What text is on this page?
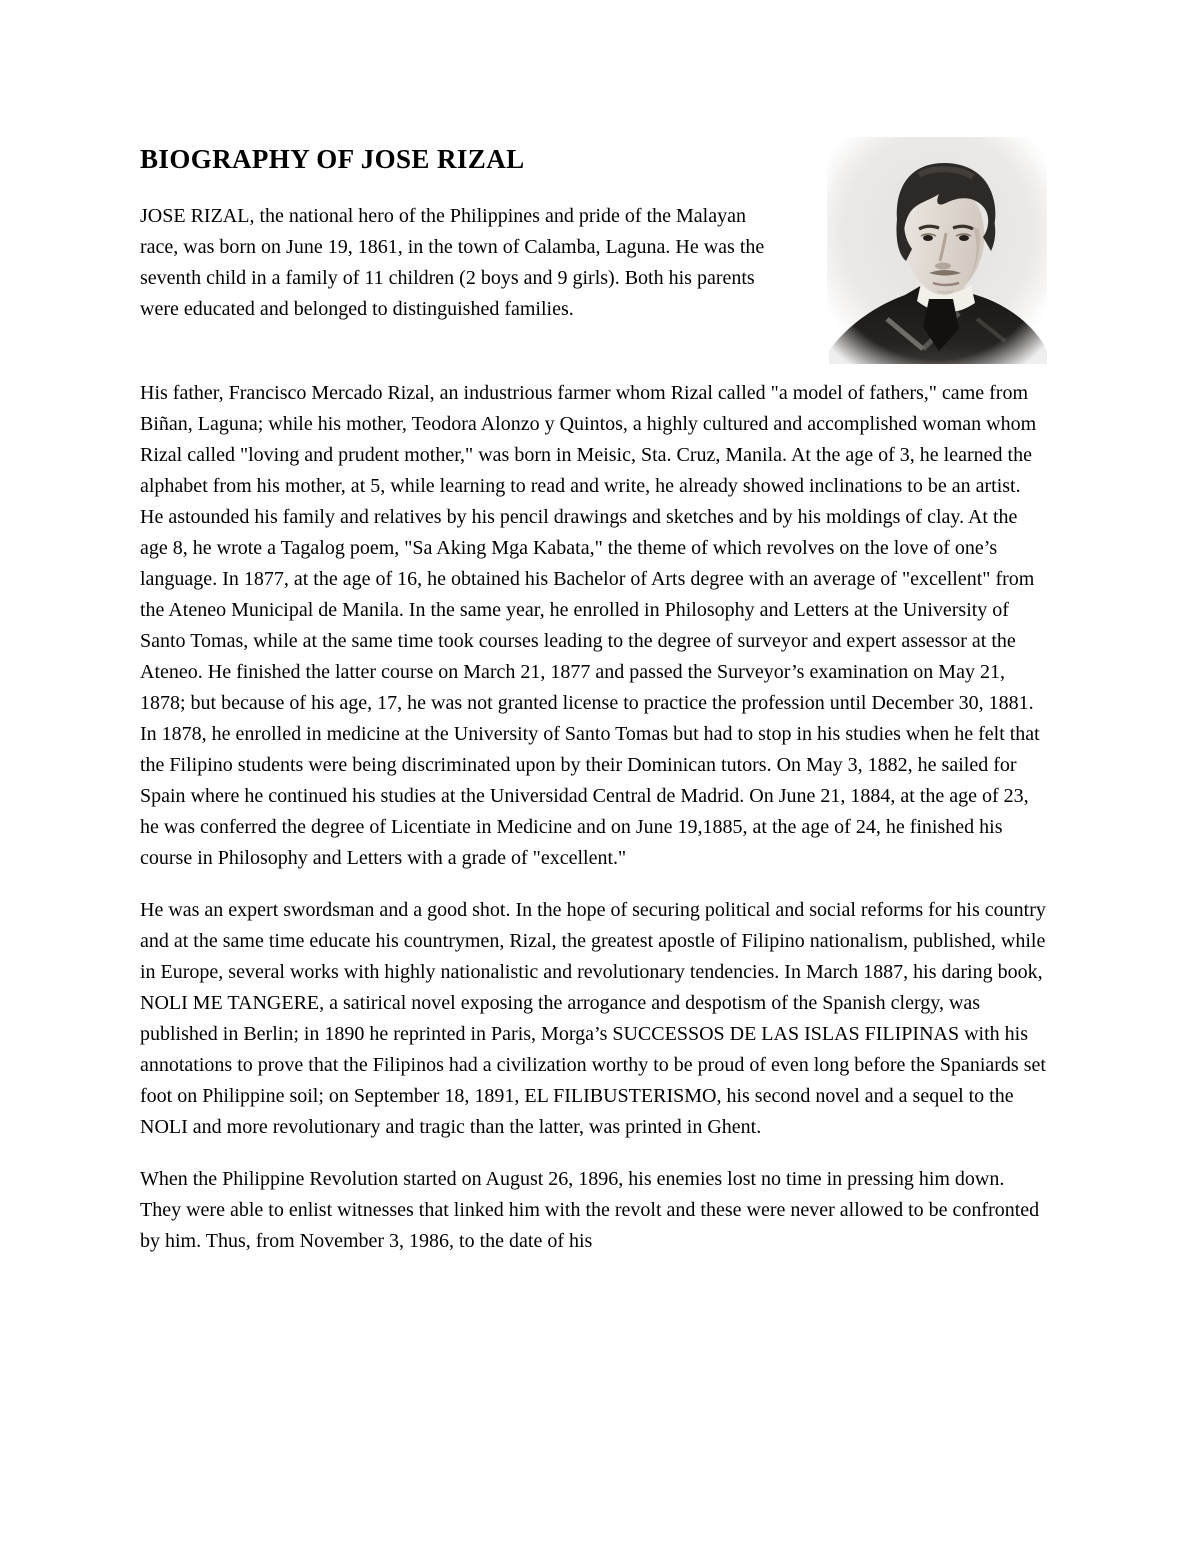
BIOGRAPHY OF JOSE RIZAL

JOSE RIZAL, the national hero of the Philippines and pride of the Malayan race, was born on June 19, 1861, in the town of Calamba, Laguna. He was the seventh child in a family of 11 children (2 boys and 9 girls). Both his parents were educated and belonged to distinguished families.

His father, Francisco Mercado Rizal, an industrious farmer whom Rizal called "a model of fathers," came from Biñan, Laguna; while his mother, Teodora Alonzo y Quintos, a highly cultured and accomplished woman whom Rizal called "loving and prudent mother," was born in Meisic, Sta. Cruz, Manila. At the age of 3, he learned the alphabet from his mother, at 5, while learning to read and write, he already showed inclinations to be an artist. He astounded his family and relatives by his pencil drawings and sketches and by his moldings of clay. At the age 8, he wrote a Tagalog poem, "Sa Aking Mga Kabata," the theme of which revolves on the love of one’s language. In 1877, at the age of 16, he obtained his Bachelor of Arts degree with an average of "excellent" from the Ateneo Municipal de Manila. In the same year, he enrolled in Philosophy and Letters at the University of Santo Tomas, while at the same time took courses leading to the degree of surveyor and expert assessor at the Ateneo. He finished the latter course on March 21, 1877 and passed the Surveyor’s examination on May 21, 1878; but because of his age, 17, he was not granted license to practice the profession until December 30, 1881. In 1878, he enrolled in medicine at the University of Santo Tomas but had to stop in his studies when he felt that the Filipino students were being discriminated upon by their Dominican tutors. On May 3, 1882, he sailed for Spain where he continued his studies at the Universidad Central de Madrid. On June 21, 1884, at the age of 23, he was conferred the degree of Licentiate in Medicine and on June 19,1885, at the age of 24, he finished his course in Philosophy and Letters with a grade of "excellent."

He was an expert swordsman and a good shot. In the hope of securing political and social reforms for his country and at the same time educate his countrymen, Rizal, the greatest apostle of Filipino nationalism, published, while in Europe, several works with highly nationalistic and revolutionary tendencies. In March 1887, his daring book, NOLI ME TANGERE, a satirical novel exposing the arrogance and despotism of the Spanish clergy, was published in Berlin; in 1890 he reprinted in Paris, Morga’s SUCCESSOS DE LAS ISLAS FILIPINAS with his annotations to prove that the Filipinos had a civilization worthy to be proud of even long before the Spaniards set foot on Philippine soil; on September 18, 1891, EL FILIBUSTERISMO, his second novel and a sequel to the NOLI and more revolutionary and tragic than the latter, was printed in Ghent.

When the Philippine Revolution started on August 26, 1896, his enemies lost no time in pressing him down. They were able to enlist witnesses that linked him with the revolt and these were never allowed to be confronted by him. Thus, from November 3, 1986, to the date of his
